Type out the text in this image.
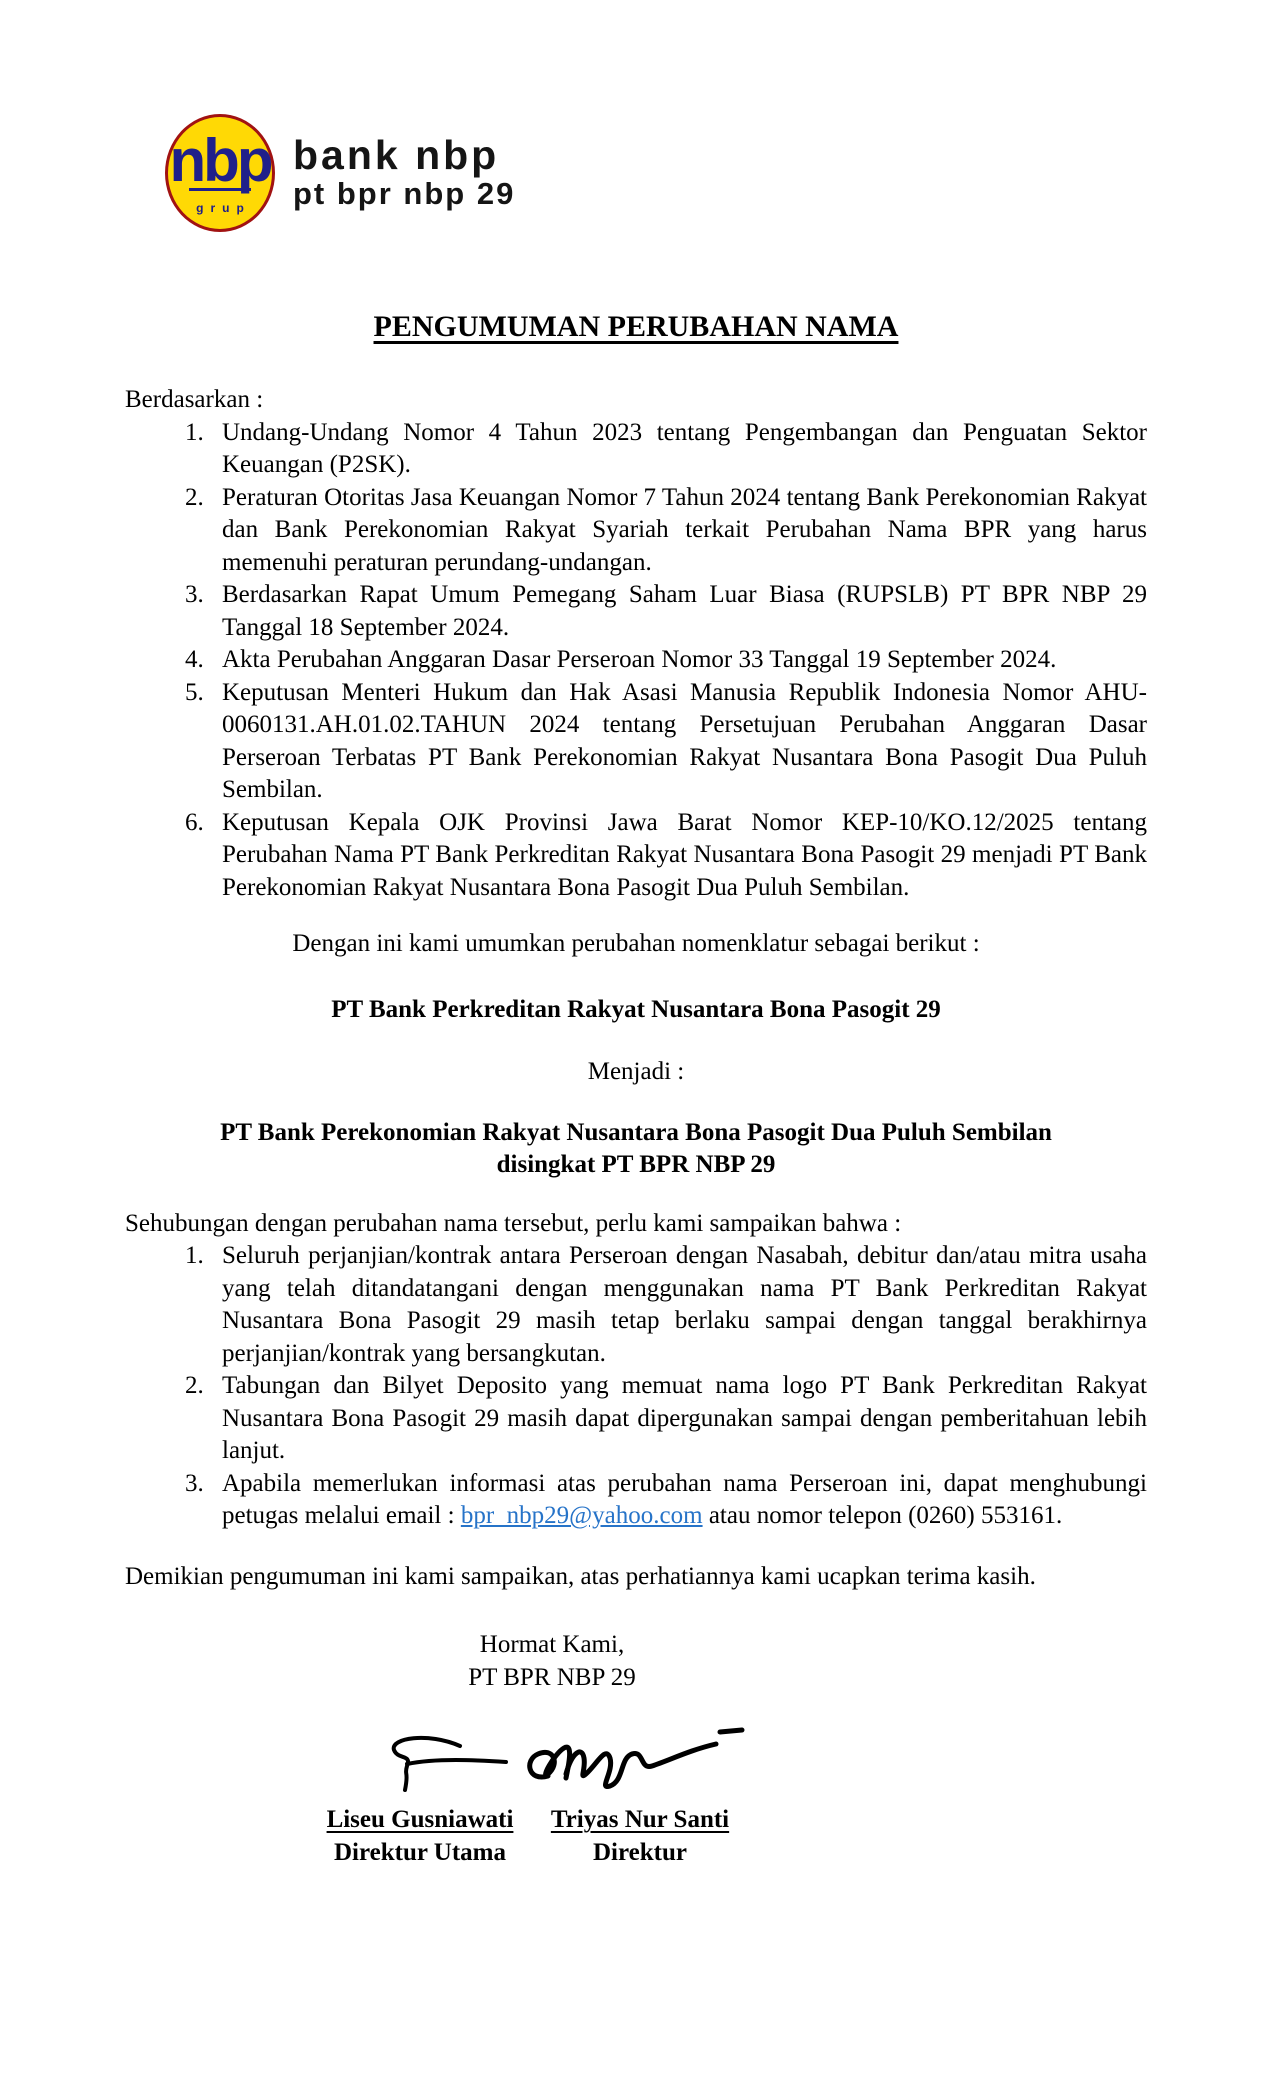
nbp
grup
bank nbp
pt bpr nbp 29
PENGUMUMAN PERUBAHAN NAMA
Berdasarkan :
1. Undang-Undang Nomor 4 Tahun 2023 tentang Pengembangan dan Penguatan Sektor Keuangan (P2SK).
2. Peraturan Otoritas Jasa Keuangan Nomor 7 Tahun 2024 tentang Bank Perekonomian Rakyat dan Bank Perekonomian Rakyat Syariah terkait Perubahan Nama BPR yang harus memenuhi peraturan perundang-undangan.
3. Berdasarkan Rapat Umum Pemegang Saham Luar Biasa (RUPSLB) PT BPR NBP 29 Tanggal 18 September 2024.
4. Akta Perubahan Anggaran Dasar Perseroan Nomor 33 Tanggal 19 September 2024.
5. Keputusan Menteri Hukum dan Hak Asasi Manusia Republik Indonesia Nomor AHU-0060131.AH.01.02.TAHUN 2024 tentang Persetujuan Perubahan Anggaran Dasar Perseroan Terbatas PT Bank Perekonomian Rakyat Nusantara Bona Pasogit Dua Puluh Sembilan.
6. Keputusan Kepala OJK Provinsi Jawa Barat Nomor KEP-10/KO.12/2025 tentang Perubahan Nama PT Bank Perkreditan Rakyat Nusantara Bona Pasogit 29 menjadi PT Bank Perekonomian Rakyat Nusantara Bona Pasogit Dua Puluh Sembilan.
Dengan ini kami umumkan perubahan nomenklatur sebagai berikut :
PT Bank Perkreditan Rakyat Nusantara Bona Pasogit 29
Menjadi :
PT Bank Perekonomian Rakyat Nusantara Bona Pasogit Dua Puluh Sembilan
disingkat PT BPR NBP 29
Sehubungan dengan perubahan nama tersebut, perlu kami sampaikan bahwa :
1. Seluruh perjanjian/kontrak antara Perseroan dengan Nasabah, debitur dan/atau mitra usaha yang telah ditandatangani dengan menggunakan nama PT Bank Perkreditan Rakyat Nusantara Bona Pasogit 29 masih tetap berlaku sampai dengan tanggal berakhirnya perjanjian/kontrak yang bersangkutan.
2. Tabungan dan Bilyet Deposito yang memuat nama logo PT Bank Perkreditan Rakyat Nusantara Bona Pasogit 29 masih dapat dipergunakan sampai dengan pemberitahuan lebih lanjut.
3. Apabila memerlukan informasi atas perubahan nama Perseroan ini, dapat menghubungi petugas melalui email : bpr_nbp29@yahoo.com atau nomor telepon (0260) 553161.
Demikian pengumuman ini kami sampaikan, atas perhatiannya kami ucapkan terima kasih.
Hormat Kami,
PT BPR NBP 29
Liseu Gusniawati
Direktur Utama
Triyas Nur Santi
Direktur
